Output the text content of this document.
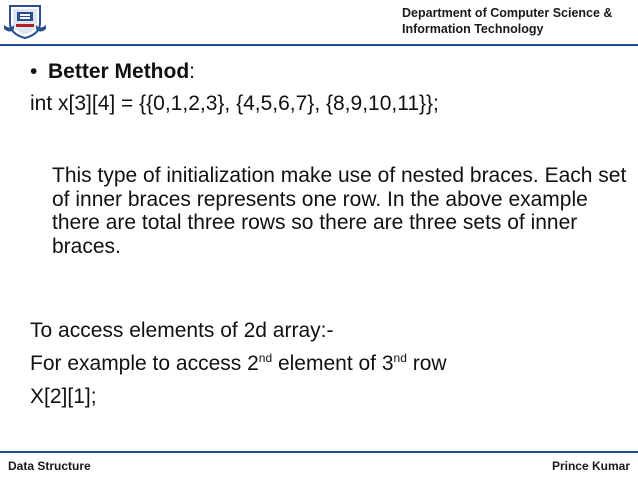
Department of Computer Science &
Information Technology
• Better Method:
int x[3][4] = {{0,1,2,3}, {4,5,6,7}, {8,9,10,11}};
This type of initialization make use of nested braces. Each set of inner braces represents one row. In the above example there are total three rows so there are three sets of inner braces.
To access elements of 2d array:-
For example to access 2nd element of 3nd row
X[2][1];
Data Structure	Prince Kumar
